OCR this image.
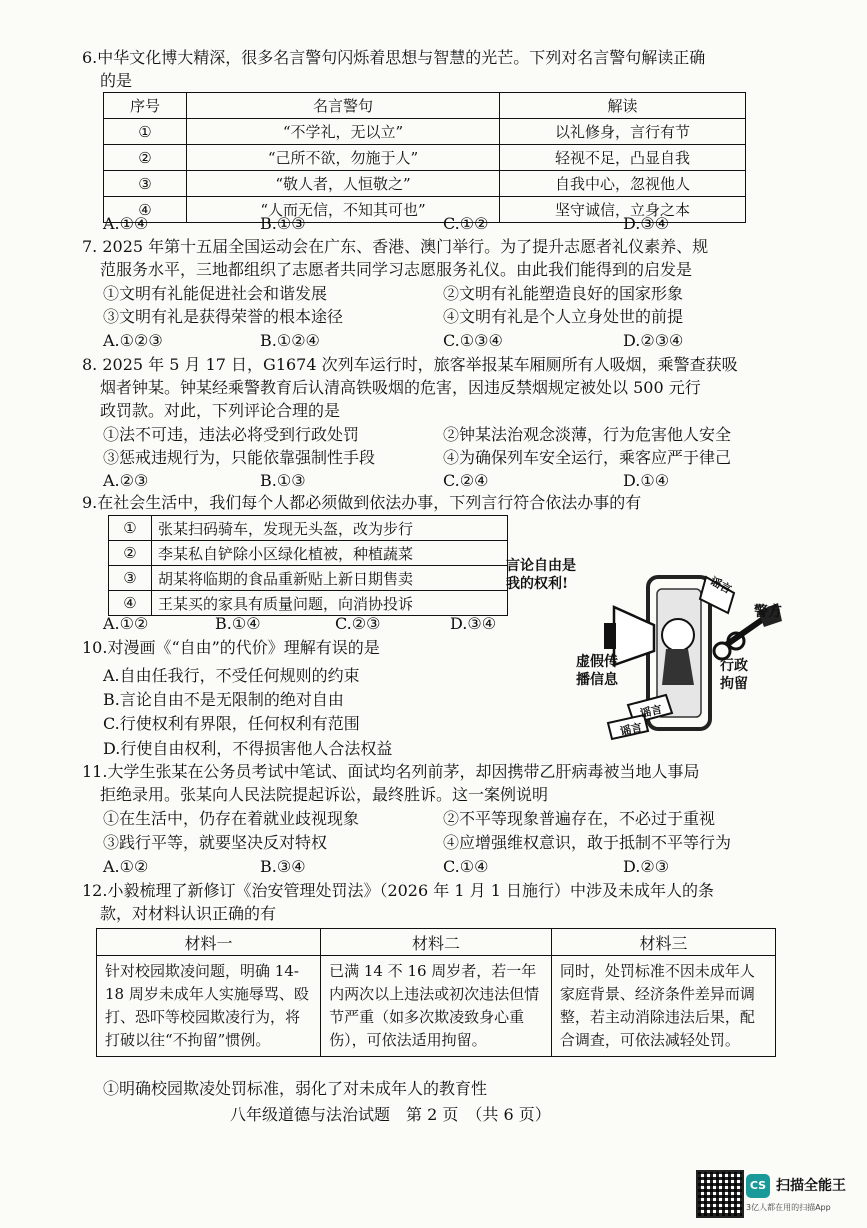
6.中华文化博大精深，很多名言警句闪烁着思想与智慧的光芒。下列对名言警句解读正确
的是
序号	名言警句	解读
①	“不学礼，无以立”	以礼修身，言行有节
②	“己所不欲，勿施于人”	轻视不足，凸显自我
③	“敬人者，人恒敬之”	自我中心，忽视他人
④	“人而无信，不知其可也”	坚守诚信，立身之本
A.①④	B.①③	C.①②	D.③④
7. 2025 年第十五届全国运动会在广东、香港、澳门举行。为了提升志愿者礼仪素养、规
范服务水平，三地都组织了志愿者共同学习志愿服务礼仪。由此我们能得到的启发是
①文明有礼能促进社会和谐发展	②文明有礼能塑造良好的国家形象
③文明有礼是获得荣誉的根本途径	④文明有礼是个人立身处世的前提
A.①②③	B.①②④	C.①③④	D.②③④
8. 2025 年 5 月 17 日，G1674 次列车运行时，旅客举报某车厢厕所有人吸烟，乘警查获吸
烟者钟某。钟某经乘警教育后认清高铁吸烟的危害，因违反禁烟规定被处以 500 元行
政罚款。对此，下列评论合理的是
①法不可违，违法必将受到行政处罚	②钟某法治观念淡薄，行为危害他人安全
③惩戒违规行为，只能依靠强制性手段	④为确保列车安全运行，乘客应严于律己
A.②③	B.①③	C.②④	D.①④
9.在社会生活中，我们每个人都必须做到依法办事，下列言行符合依法办事的有
①	张某扫码骑车，发现无头盔，改为步行
②	李某私自铲除小区绿化植被，种植蔬菜
③	胡某将临期的食品重新贴上新日期售卖
④	王某买的家具有质量问题，向消协投诉
A.①②	B.①④	C.②③	D.③④
言论自由是
我的权利!	谣言
警方
虚假传
播信息
行政
拘留
谣言
谣言
10.对漫画《“自由”的代价》理解有误的是
A.自由任我行，不受任何规则的约束
B.言论自由不是无限制的绝对自由
C.行使权利有界限，任何权利有范围
D.行使自由权利，不得损害他人合法权益
11.大学生张某在公务员考试中笔试、面试均名列前茅，却因携带乙肝病毒被当地人事局
拒绝录用。张某向人民法院提起诉讼，最终胜诉。这一案例说明
①在生活中，仍存在着就业歧视现象	②不平等现象普遍存在，不必过于重视
③践行平等，就要坚决反对特权	④应增强维权意识，敢于抵制不平等行为
A.①②	B.③④	C.①④	D.②③
12.小毅梳理了新修订《治安管理处罚法》（2026 年 1 月 1 日施行）中涉及未成年人的条
款，对材料认识正确的有
材料一	材料二	材料三
针对校园欺凌问题，明确 14-18 周岁未成年人实施辱骂、殴打、恐吓等校园欺凌行为，将打破以往“不拘留”惯例。	已满 14 不 16 周岁者，若一年内两次以上违法或初次违法但情节严重（如多次欺凌致身心重伤），可依法适用拘留。	同时，处罚标准不因未成年人家庭背景、经济条件差异而调整，若主动消除违法后果，配合调查，可依法减轻处罚。
①明确校园欺凌处罚标准，弱化了对未成年人的教育性
八年级道德与法治试题　第 2 页　（共 6 页）
CS 扫描全能王
3亿人都在用的扫描App
